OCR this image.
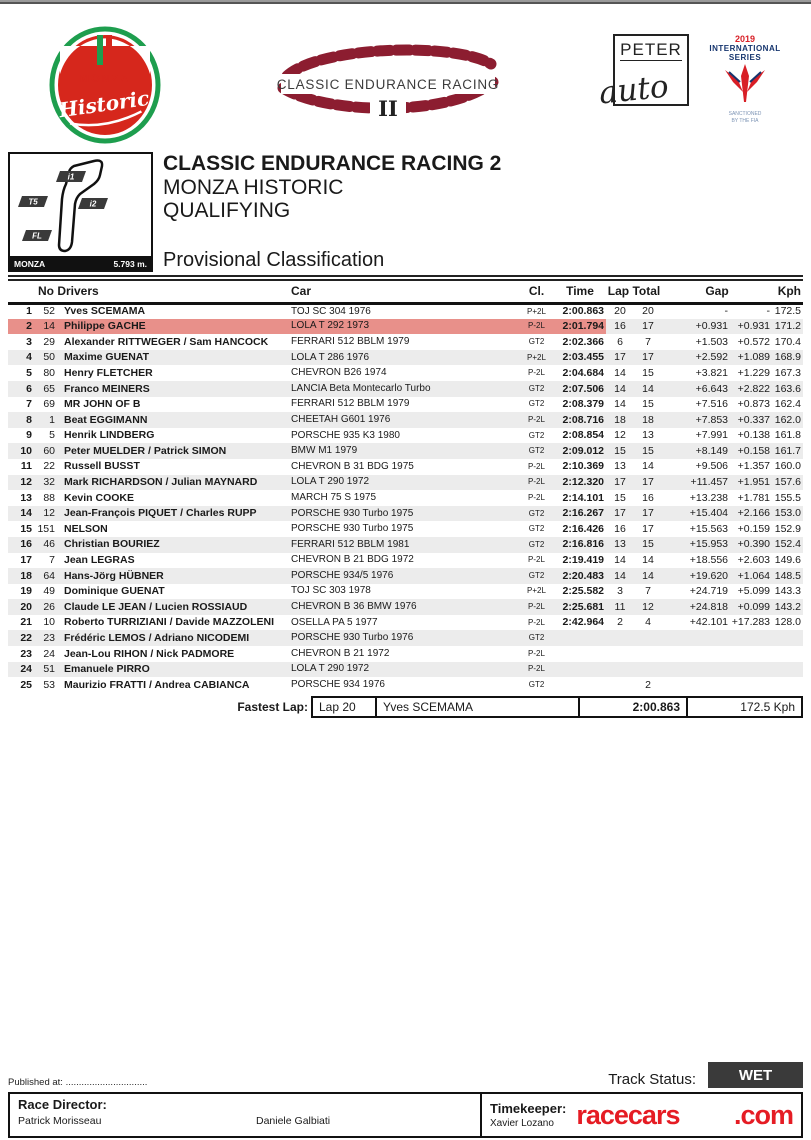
MONZA
Historic
CLASSIC ENDURANCE RACING
II
PETER
auto
2019
INTERNATIONAL
SERIES
SANCTIONED
BY THE FIA
i1
T5	i2
FL
MONZA	5.793 m.
CLASSIC ENDURANCE RACING 2
MONZA HISTORIC
QUALIFYING
Provisional Classification
No Drivers			Car	Cl.	Time	Lap Total		Gap		Kph
1	52	Yves SCEMAMA	TOJ SC 304 1976	P+2L	2:00.863	20	20	-	-	172.5
2	14	Philippe GACHE	LOLA T 292 1973	P-2L	2:01.794	16	17	+0.931	+0.931	171.2
3	29	Alexander RITTWEGER / Sam HANCOCK	FERRARI 512 BBLM 1979	GT2	2:02.366	6	7	+1.503	+0.572	170.4
4	50	Maxime GUENAT	LOLA T 286 1976	P+2L	2:03.455	17	17	+2.592	+1.089	168.9
5	80	Henry FLETCHER	CHEVRON B26 1974	P-2L	2:04.684	14	15	+3.821	+1.229	167.3
6	65	Franco MEINERS	LANCIA Beta Montecarlo Turbo	GT2	2:07.506	14	14	+6.643	+2.822	163.6
7	69	MR JOHN OF B	FERRARI 512 BBLM 1979	GT2	2:08.379	14	15	+7.516	+0.873	162.4
8	1	Beat EGGIMANN	CHEETAH G601 1976	P-2L	2:08.716	18	18	+7.853	+0.337	162.0
9	5	Henrik LINDBERG	PORSCHE 935 K3 1980	GT2	2:08.854	12	13	+7.991	+0.138	161.8
10	60	Peter MUELDER / Patrick SIMON	BMW M1 1979	GT2	2:09.012	15	15	+8.149	+0.158	161.7
11	22	Russell BUSST	CHEVRON B 31 BDG 1975	P-2L	2:10.369	13	14	+9.506	+1.357	160.0
12	32	Mark RICHARDSON / Julian MAYNARD	LOLA T 290 1972	P-2L	2:12.320	17	17	+11.457	+1.951	157.6
13	88	Kevin COOKE	MARCH 75 S 1975	P-2L	2:14.101	15	16	+13.238	+1.781	155.5
14	12	Jean-François PIQUET / Charles RUPP	PORSCHE 930 Turbo 1975	GT2	2:16.267	17	17	+15.404	+2.166	153.0
15	151	NELSON	PORSCHE 930 Turbo 1975	GT2	2:16.426	16	17	+15.563	+0.159	152.9
16	46	Christian BOURIEZ	FERRARI 512 BBLM 1981	GT2	2:16.816	13	15	+15.953	+0.390	152.4
17	7	Jean LEGRAS	CHEVRON B 21 BDG 1972	P-2L	2:19.419	14	14	+18.556	+2.603	149.6
18	64	Hans-Jörg HÜBNER	PORSCHE 934/5 1976	GT2	2:20.483	14	14	+19.620	+1.064	148.5
19	49	Dominique GUENAT	TOJ SC 303 1978	P+2L	2:25.582	3	7	+24.719	+5.099	143.3
20	26	Claude LE JEAN / Lucien ROSSIAUD	CHEVRON B 36 BMW 1976	P-2L	2:25.681	11	12	+24.818	+0.099	143.2
21	10	Roberto TURRIZIANI / Davide MAZZOLENI	OSELLA PA 5 1977	P-2L	2:42.964	2	4	+42.101	+17.283	128.0
22	23	Frédéric LEMOS / Adriano NICODEMI	PORSCHE 930 Turbo 1976	GT2						
23	24	Jean-Lou RIHON / Nick PADMORE	CHEVRON B 21 1972	P-2L						
24	51	Emanuele PIRRO	LOLA T 290 1972	P-2L						
25	53	Maurizio FRATTI / Andrea CABIANCA	PORSCHE 934 1976	GT2			2			
Fastest Lap: Lap 20	Yves SCEMAMA	2:00.863	172.5 Kph
Published at: ...............................	Track Status:	WET
Race Director:
Patrick Morisseau	Daniele Galbiati
Timekeeper:
Xavier Lozano racecars .com
